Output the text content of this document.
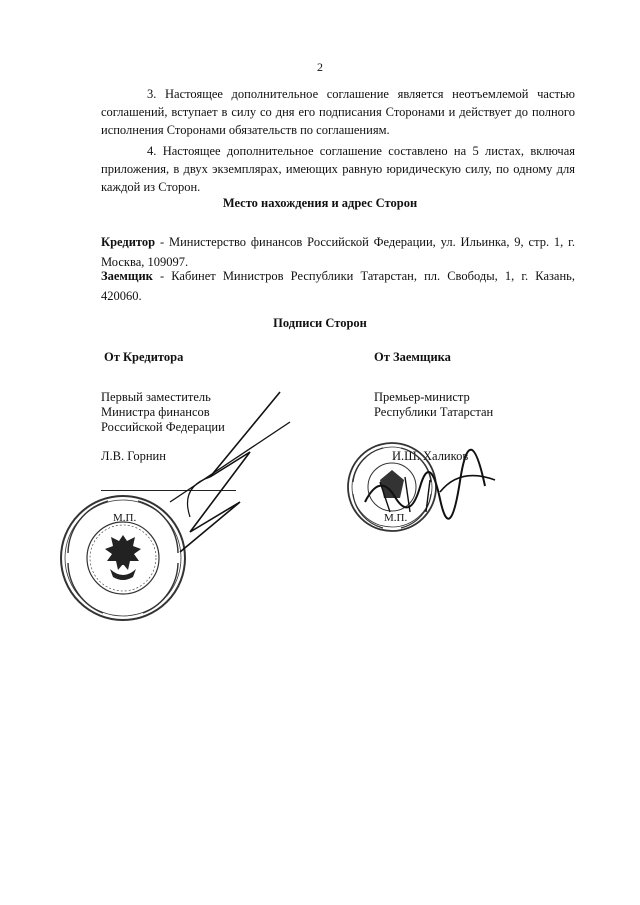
2

3. Настоящее дополнительное соглашение является неотъемлемой частью соглашений, вступает в силу со дня его подписания Сторонами и действует до полного исполнения Сторонами обязательств по соглашениям.

4. Настоящее дополнительное соглашение составлено на 5 листах, включая приложения, в двух экземплярах, имеющих равную юридическую силу, по одному для каждой из Сторон.

Место нахождения и адрес Сторон

Кредитор - Министерство финансов Российской Федерации, ул. Ильинка, 9, стр. 1, г. Москва, 109097.

Заемщик - Кабинет Министров Республики Татарстан, пл. Свободы, 1, г. Казань, 420060.

Подписи Сторон
От Кредитора
Первый заместитель
Министра финансов
Российской Федерации
Л.В. Горнин
М.П.
От Заемщика
Премьер-министр
Республики Татарстан
И.Ш. Халиков
М.П.
